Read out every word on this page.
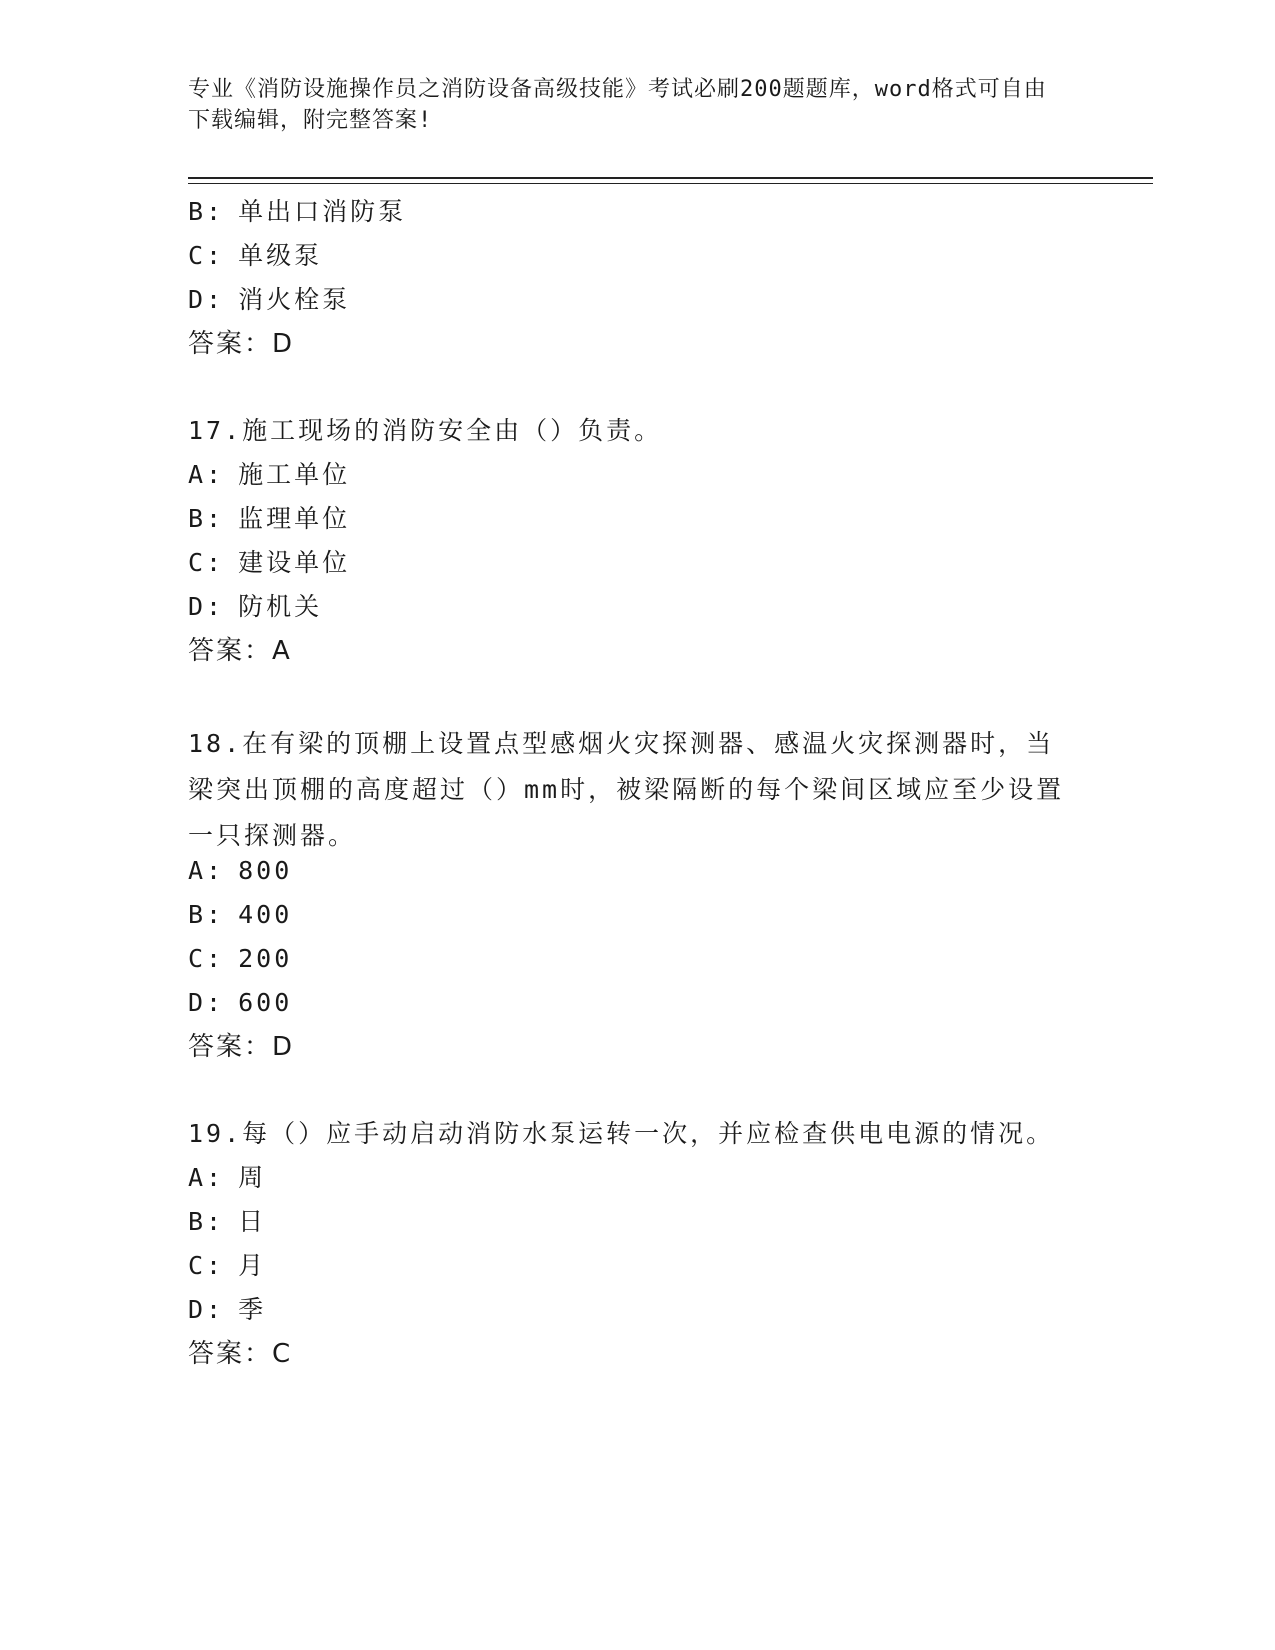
专业《消防设施操作员之消防设备高级技能》考试必刷200题题库，word格式可自由下载编辑，附完整答案!
B: 单出口消防泵
C: 单级泵
D: 消火栓泵
答案：D
17.施工现场的消防安全由（）负责。
A: 施工单位
B: 监理单位
C: 建设单位
D: 防机关
答案：A
18.在有梁的顶棚上设置点型感烟火灾探测器、感温火灾探测器时，当梁突出顶棚的高度超过（）mm时，被梁隔断的每个梁间区域应至少设置一只探测器。
A: 800
B: 400
C: 200
D: 600
答案：D
19.每（）应手动启动消防水泵运转一次，并应检查供电电源的情况。
A: 周
B: 日
C: 月
D: 季
答案：C
